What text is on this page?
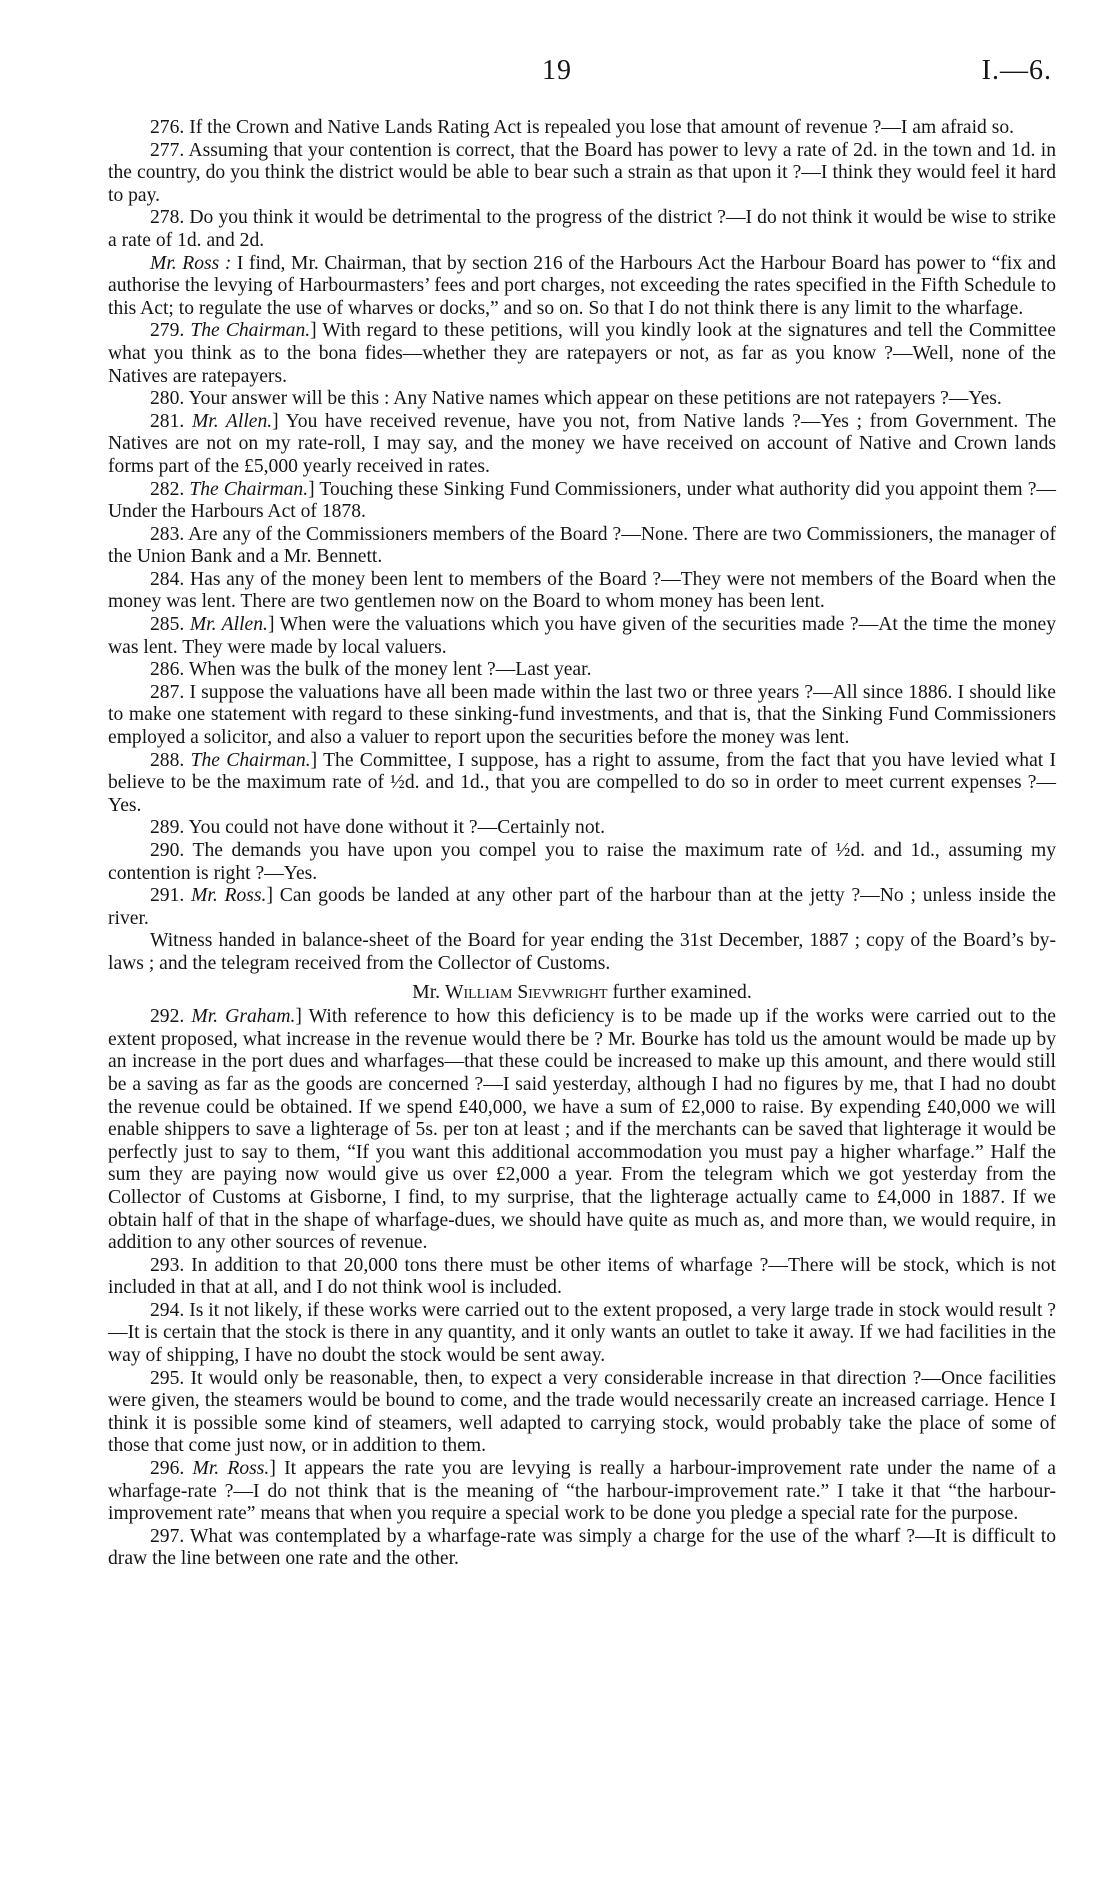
19	I.—6.

276. If the Crown and Native Lands Rating Act is repealed you lose that amount of revenue ?—I am afraid so.

277. Assuming that your contention is correct, that the Board has power to levy a rate of 2d. in the town and 1d. in the country, do you think the district would be able to bear such a strain as that upon it ?—I think they would feel it hard to pay.

278. Do you think it would be detrimental to the progress of the district ?—I do not think it would be wise to strike a rate of 1d. and 2d.

Mr. Ross : I find, Mr. Chairman, that by section 216 of the Harbours Act the Harbour Board has power to “fix and authorise the levying of Harbourmasters’ fees and port charges, not exceeding the rates specified in the Fifth Schedule to this Act; to regulate the use of wharves or docks,” and so on. So that I do not think there is any limit to the wharfage.

279. The Chairman.] With regard to these petitions, will you kindly look at the signatures and tell the Committee what you think as to the bona fides—whether they are ratepayers or not, as far as you know ?—Well, none of the Natives are ratepayers.

280. Your answer will be this : Any Native names which appear on these petitions are not ratepayers ?—Yes.

281. Mr. Allen.] You have received revenue, have you not, from Native lands ?—Yes ; from Government. The Natives are not on my rate-roll, I may say, and the money we have received on account of Native and Crown lands forms part of the £5,000 yearly received in rates.

282. The Chairman.] Touching these Sinking Fund Commissioners, under what authority did you appoint them ?—Under the Harbours Act of 1878.

283. Are any of the Commissioners members of the Board ?—None. There are two Commissioners, the manager of the Union Bank and a Mr. Bennett.

284. Has any of the money been lent to members of the Board ?—They were not members of the Board when the money was lent. There are two gentlemen now on the Board to whom money has been lent.

285. Mr. Allen.] When were the valuations which you have given of the securities made ?—At the time the money was lent. They were made by local valuers.

286. When was the bulk of the money lent ?—Last year.

287. I suppose the valuations have all been made within the last two or three years ?—All since 1886. I should like to make one statement with regard to these sinking-fund investments, and that is, that the Sinking Fund Commissioners employed a solicitor, and also a valuer to report upon the securities before the money was lent.

288. The Chairman.] The Committee, I suppose, has a right to assume, from the fact that you have levied what I believe to be the maximum rate of ½d. and 1d., that you are compelled to do so in order to meet current expenses ?—Yes.

289. You could not have done without it ?—Certainly not.

290. The demands you have upon you compel you to raise the maximum rate of ½d. and 1d., assuming my contention is right ?—Yes.

291. Mr. Ross.] Can goods be landed at any other part of the harbour than at the jetty ?—No ; unless inside the river.

Witness handed in balance-sheet of the Board for year ending the 31st December, 1887 ; copy of the Board’s by-laws ; and the telegram received from the Collector of Customs.

Mr. William Sievwright further examined.

292. Mr. Graham.] With reference to how this deficiency is to be made up if the works were carried out to the extent proposed, what increase in the revenue would there be ? Mr. Bourke has told us the amount would be made up by an increase in the port dues and wharfages—that these could be increased to make up this amount, and there would still be a saving as far as the goods are concerned ?—I said yesterday, although I had no figures by me, that I had no doubt the revenue could be obtained. If we spend £40,000, we have a sum of £2,000 to raise. By expending £40,000 we will enable shippers to save a lighterage of 5s. per ton at least ; and if the merchants can be saved that lighterage it would be perfectly just to say to them, “If you want this additional accommodation you must pay a higher wharfage.” Half the sum they are paying now would give us over £2,000 a year. From the telegram which we got yesterday from the Collector of Customs at Gisborne, I find, to my surprise, that the lighterage actually came to £4,000 in 1887. If we obtain half of that in the shape of wharfage-dues, we should have quite as much as, and more than, we would require, in addition to any other sources of revenue.

293. In addition to that 20,000 tons there must be other items of wharfage ?—There will be stock, which is not included in that at all, and I do not think wool is included.

294. Is it not likely, if these works were carried out to the extent proposed, a very large trade in stock would result ?—It is certain that the stock is there in any quantity, and it only wants an outlet to take it away. If we had facilities in the way of shipping, I have no doubt the stock would be sent away.

295. It would only be reasonable, then, to expect a very considerable increase in that direction ?—Once facilities were given, the steamers would be bound to come, and the trade would necessarily create an increased carriage. Hence I think it is possible some kind of steamers, well adapted to carrying stock, would probably take the place of some of those that come just now, or in addition to them.

296. Mr. Ross.] It appears the rate you are levying is really a harbour-improvement rate under the name of a wharfage-rate ?—I do not think that is the meaning of “the harbour-improvement rate.” I take it that “the harbour-improvement rate” means that when you require a special work to be done you pledge a special rate for the purpose.

297. What was contemplated by a wharfage-rate was simply a charge for the use of the wharf ?—It is difficult to draw the line between one rate and the other.
